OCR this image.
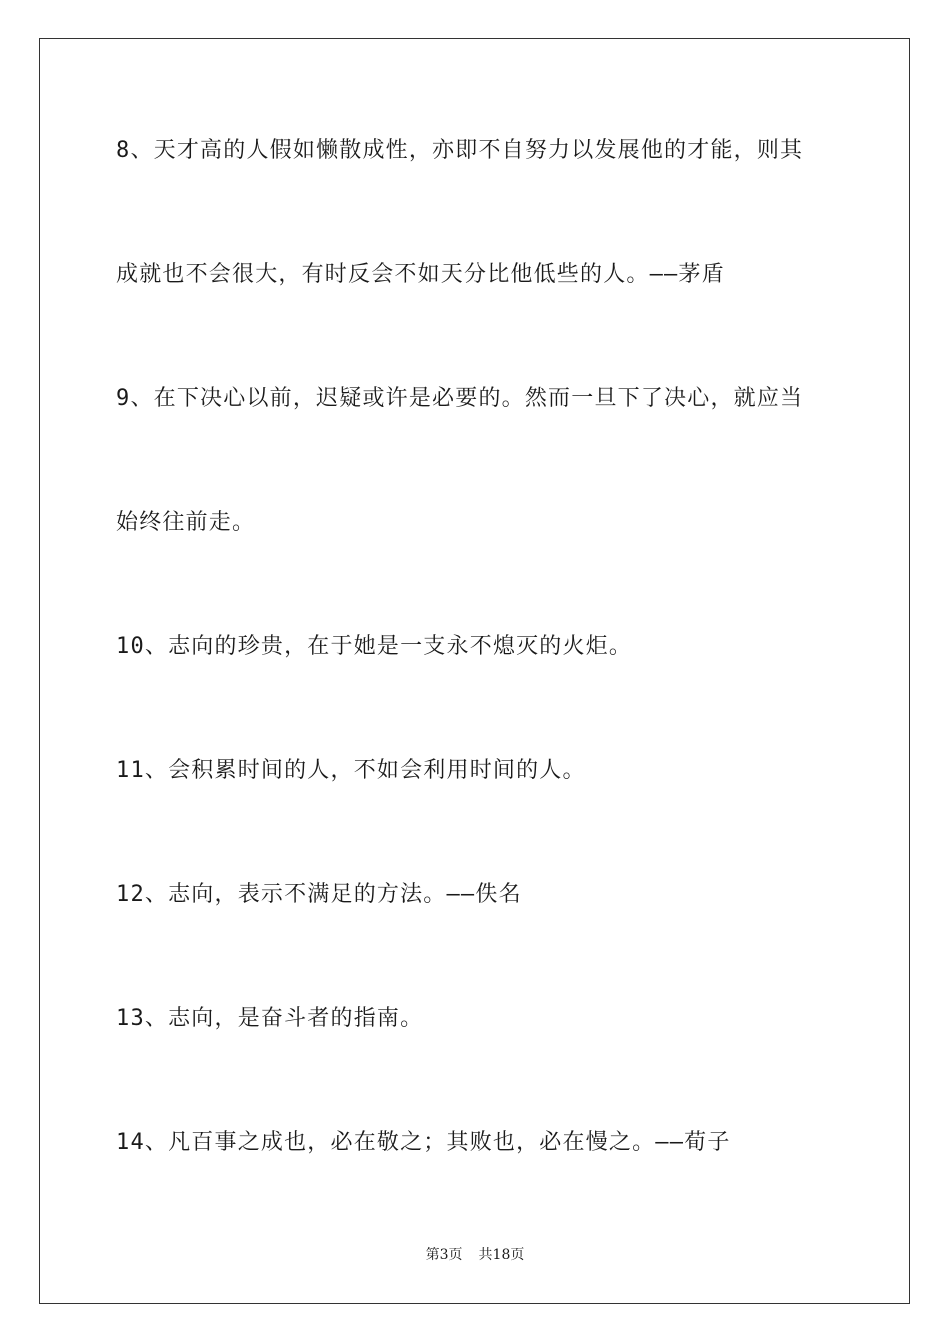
8、天才高的人假如懒散成性，亦即不自努力以发展他的才能，则其
成就也不会很大，有时反会不如天分比他低些的人。——茅盾
9、在下决心以前，迟疑或许是必要的。然而一旦下了决心，就应当
始终往前走。
10、志向的珍贵，在于她是一支永不熄灭的火炬。
11、会积累时间的人，不如会利用时间的人。
12、志向，表示不满足的方法。——佚名
13、志向，是奋斗者的指南。
14、凡百事之成也，必在敬之；其败也，必在慢之。——荀子
第3页 共18页
